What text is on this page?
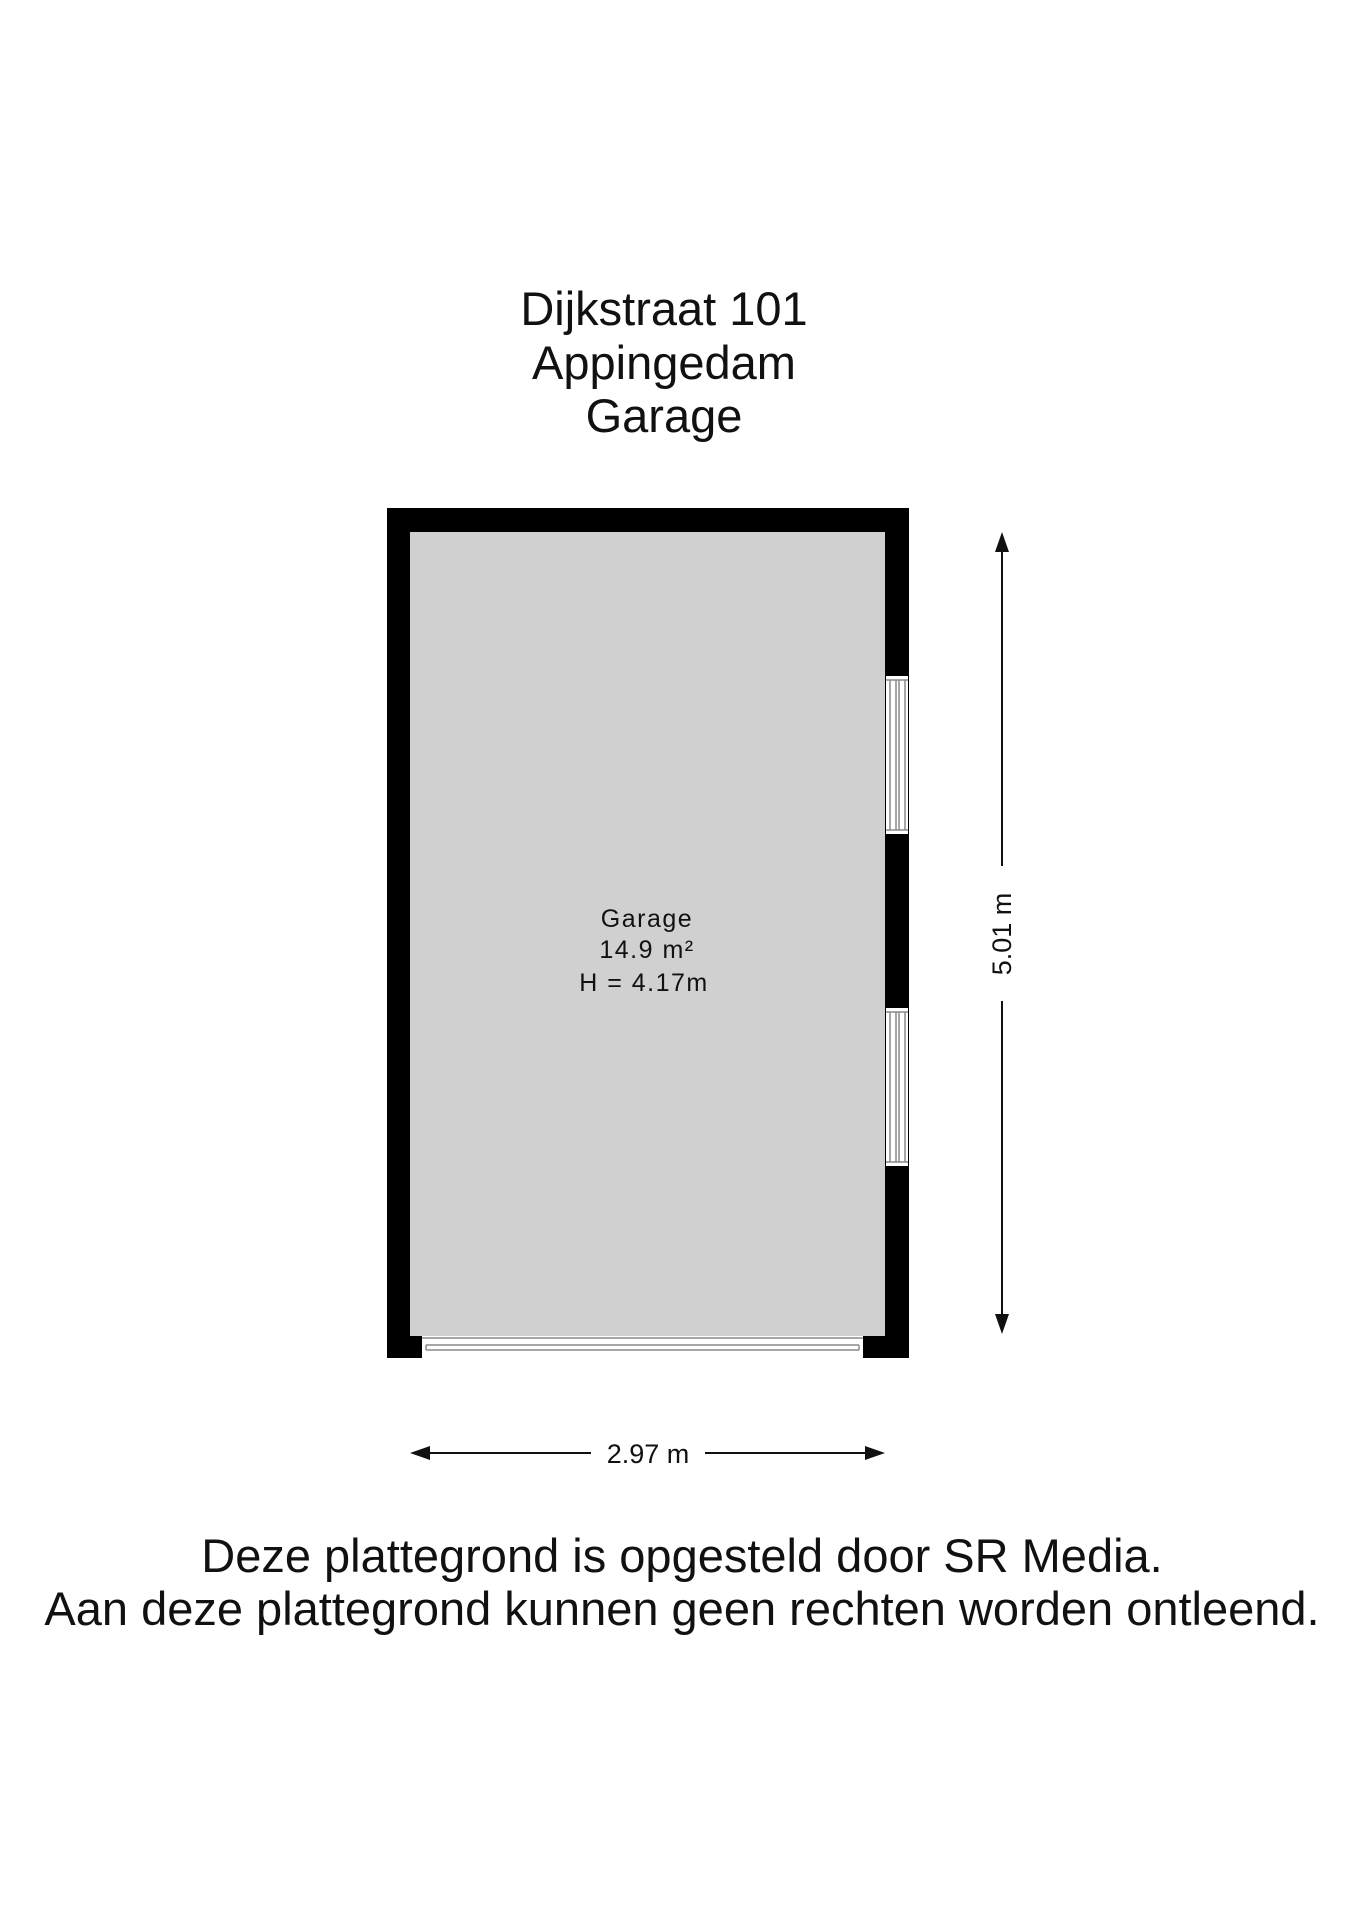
Dijkstraat 101
Appingedam
Garage
Garage
14.9 m²
H = 4.17m
5.01 m
2.97 m
Deze plattegrond is opgesteld door SR Media.
Aan deze plattegrond kunnen geen rechten worden ontleend.
